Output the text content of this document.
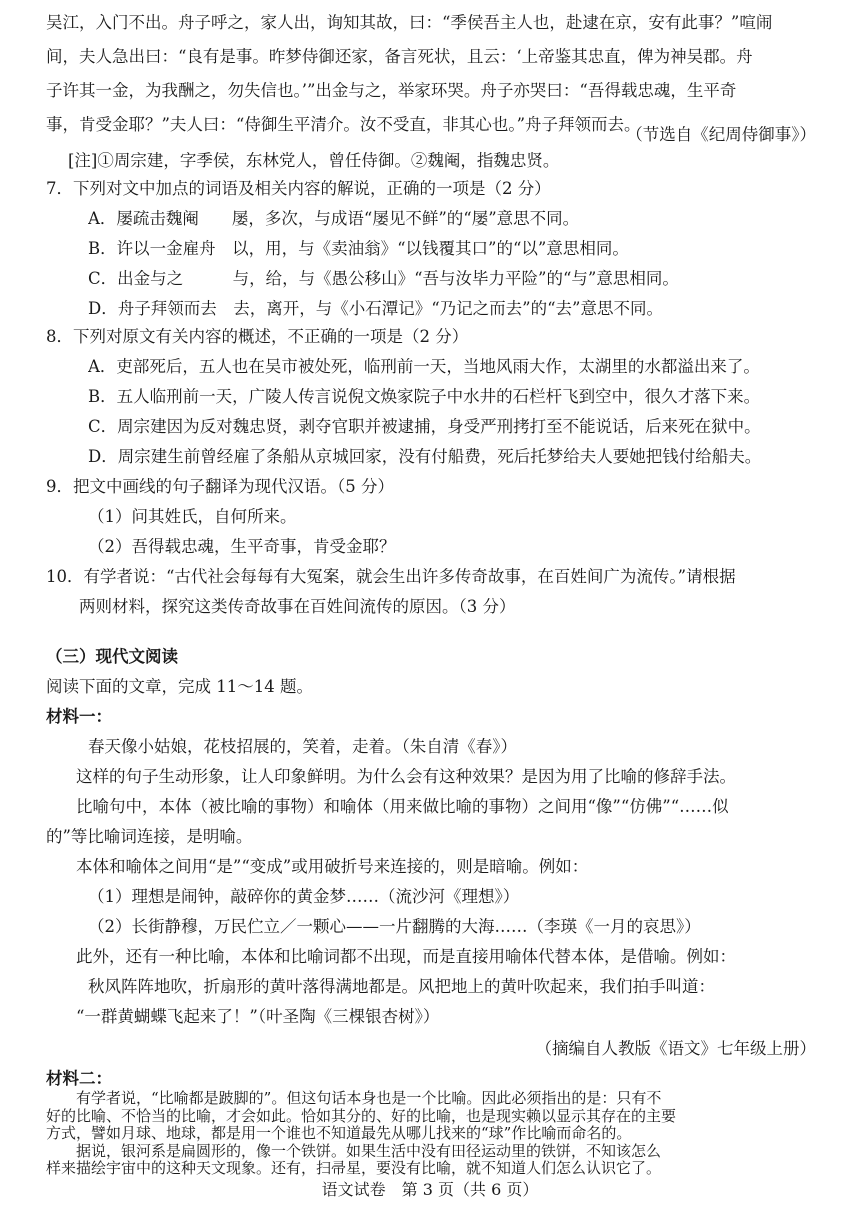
吴江，入门不出。舟子呼之，家人出，询知其故，曰：“季侯吾主人也，赴逮在京，安有此事？”喧闹
间，夫人急出曰：“良有是事。昨梦侍御还家，备言死状，且云：‘上帝鉴其忠直，俾为神吴郡。舟
子许其一金，为我酬之，勿失信也。’”出金与之，举家环哭。舟子亦哭曰：“吾得载忠魂，生平奇
事，肯受金耶？”夫人曰：“侍御生平清介。汝不受直，非其心也。”舟子拜领而去。
（节选自《纪周侍御事》）
[注]①周宗建，字季侯，东林党人，曾任侍御。②魏阉，指魏忠贤。
7．下列对文中加点的词语及相关内容的解说，正确的一项是（2 分）
A．屡疏击魏阉　　屡，多次，与成语“屡见不鲜”的“屡”意思不同。
B．许以一金雇舟　以，用，与《卖油翁》“以钱覆其口”的“以”意思相同。
C．出金与之　　　与，给，与《愚公移山》“吾与汝毕力平险”的“与”意思相同。
D．舟子拜领而去　去，离开，与《小石潭记》“乃记之而去”的“去”意思不同。
8．下列对原文有关内容的概述，不正确的一项是（2 分）
A．吏部死后，五人也在吴市被处死，临刑前一天，当地风雨大作，太湖里的水都溢出来了。
B．五人临刑前一天，广陵人传言说倪文焕家院子中水井的石栏杆飞到空中，很久才落下来。
C．周宗建因为反对魏忠贤，剥夺官职并被逮捕，身受严刑拷打至不能说话，后来死在狱中。
D．周宗建生前曾经雇了条船从京城回家，没有付船费，死后托梦给夫人要她把钱付给船夫。
9．把文中画线的句子翻译为现代汉语。（5 分）
（1）问其姓氏，自何所来。
（2）吾得载忠魂，生平奇事，肯受金耶？
10．有学者说：“古代社会每每有大冤案，就会生出许多传奇故事，在百姓间广为流传。”请根据
　　两则材料，探究这类传奇故事在百姓间流传的原因。（3 分）
（三）现代文阅读
阅读下面的文章，完成 11～14 题。
材料一：
春天像小姑娘，花枝招展的，笑着，走着。（朱自清《春》）
这样的句子生动形象，让人印象鲜明。为什么会有这种效果？是因为用了比喻的修辞手法。
比喻句中，本体（被比喻的事物）和喻体（用来做比喻的事物）之间用“像”“仿佛”“……似
的”等比喻词连接，是明喻。
本体和喻体之间用“是”“变成”或用破折号来连接的，则是暗喻。例如：
（1）理想是闹钟，敲碎你的黄金梦……（流沙河《理想》）
（2）长街静穆，万民伫立／一颗心——一片翻腾的大海……（李瑛《一月的哀思》）
此外，还有一种比喻，本体和比喻词都不出现，而是直接用喻体代替本体，是借喻。例如：
秋风阵阵地吹，折扇形的黄叶落得满地都是。风把地上的黄叶吹起来，我们拍手叫道：
“一群黄蝴蝶飞起来了！”（叶圣陶《三棵银杏树》）
（摘编自人教版《语文》七年级上册）
材料二：
语文试卷　第 3 页（共 6 页）
有学者说，“比喻都是跛脚的”。但这句话本身也是一个比喻。因此必须指出的是：只有不
好的比喻、不恰当的比喻，才会如此。恰如其分的、好的比喻，也是现实赖以显示其存在的主要
方式，譬如月球、地球，都是用一个谁也不知道最先从哪儿找来的“球”作比喻而命名的。
据说，银河系是扁圆形的，像一个铁饼。如果生活中没有田径运动里的铁饼，不知该怎么
样来描绘宇宙中的这种天文现象。还有，扫帚星，要没有比喻，就不知道人们怎么认识它了。
